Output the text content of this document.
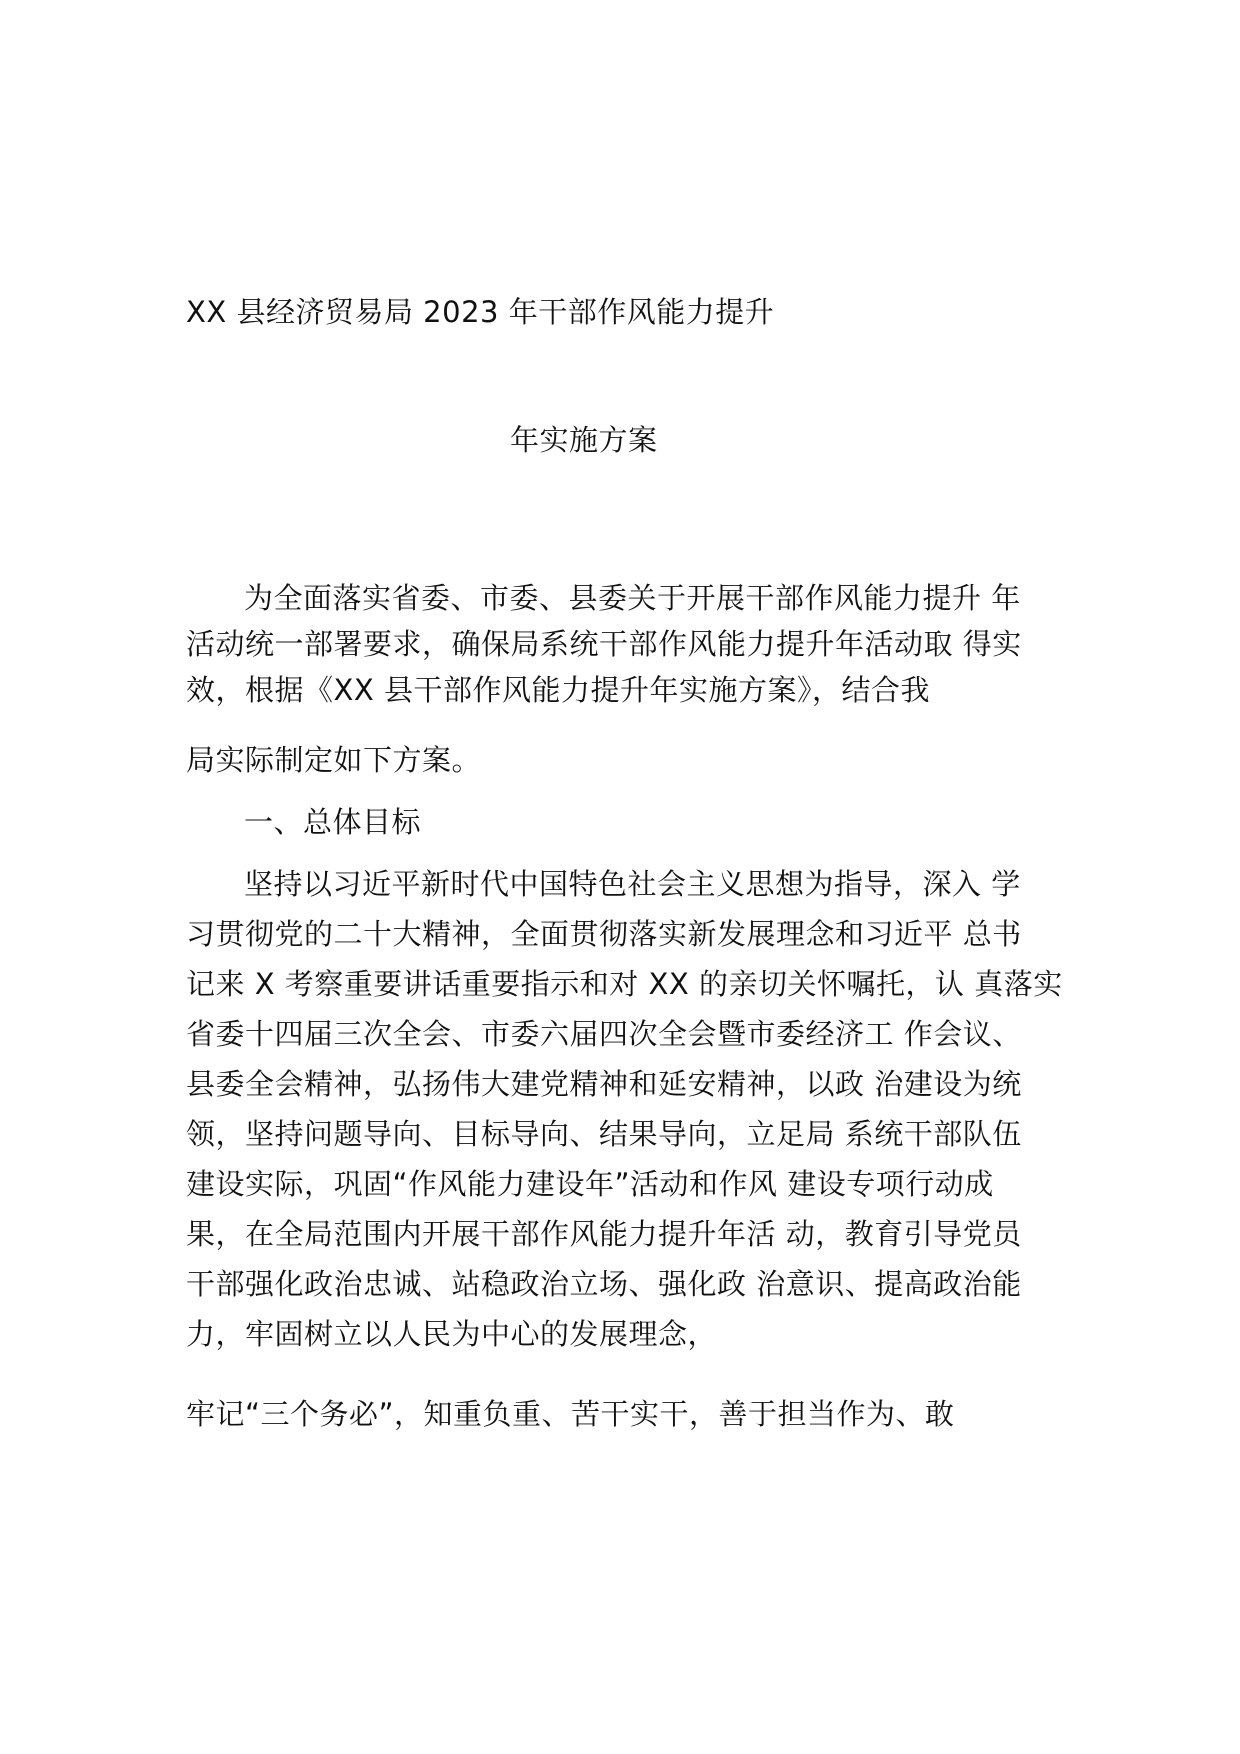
XX 县经济贸易局 2023 年干部作风能力提升
年实施方案
为全面落实省委、市委、县委关于开展干部作风能力提升 年
活动统一部署要求，确保局系统干部作风能力提升年活动取 得实
效，根据《XX 县干部作风能力提升年实施方案》，结合我
局实际制定如下方案。
一、总体目标
坚持以习近平新时代中国特色社会主义思想为指导，深入 学
习贯彻党的二十大精神，全面贯彻落实新发展理念和习近平 总书
记来 X 考察重要讲话重要指示和对 XX 的亲切关怀嘱托，认 真落实
省委十四届三次全会、市委六届四次全会暨市委经济工 作会议、
县委全会精神，弘扬伟大建党精神和延安精神，以政 治建设为统
领，坚持问题导向、目标导向、结果导向，立足局 系统干部队伍
建设实际，巩固“作风能力建设年”活动和作风 建设专项行动成
果，在全局范围内开展干部作风能力提升年活 动，教育引导党员
干部强化政治忠诚、站稳政治立场、强化政 治意识、提高政治能
力，牢固树立以人民为中心的发展理念，
牢记“三个务必”，知重负重、苦干实干，善于担当作为、敢
